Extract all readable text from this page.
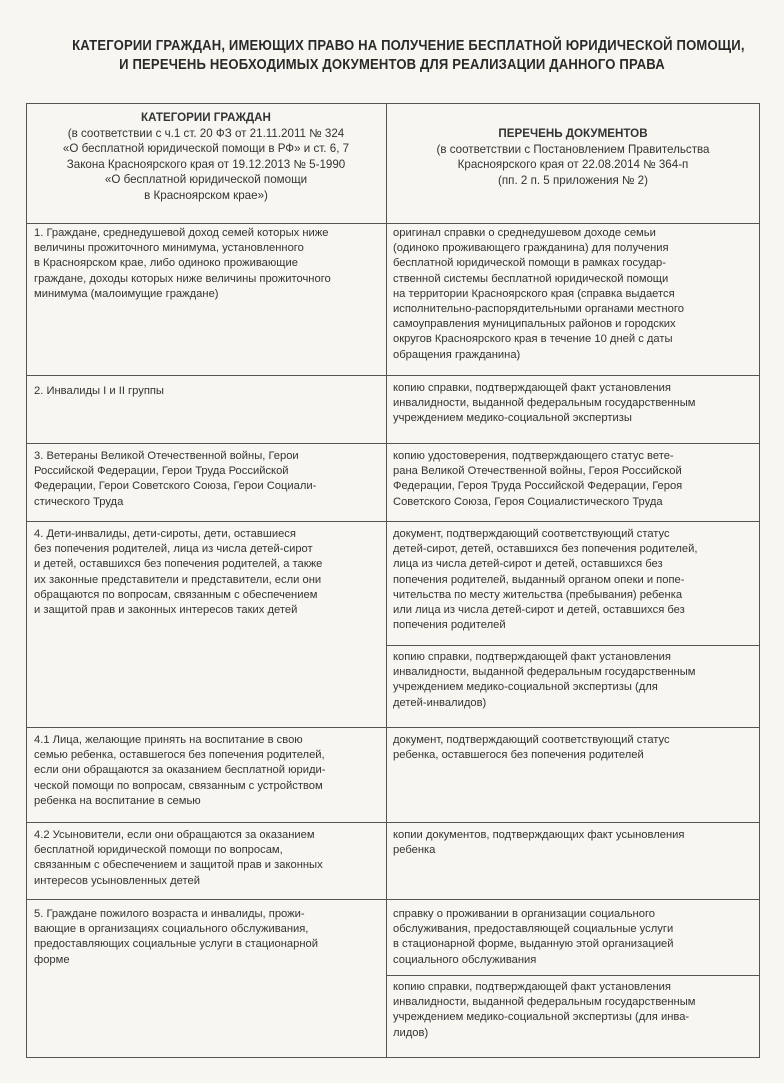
КАТЕГОРИИ ГРАЖДАН, ИМЕЮЩИХ ПРАВО НА ПОЛУЧЕНИЕ БЕСПЛАТНОЙ ЮРИДИЧЕСКОЙ ПОМОЩИ,
И ПЕРЕЧЕНЬ НЕОБХОДИМЫХ ДОКУМЕНТОВ ДЛЯ РЕАЛИЗАЦИИ ДАННОГО ПРАВА
КАТЕГОРИИ ГРАЖДАН
(в соответствии с ч.1 ст. 20 ФЗ от 21.11.2011 № 324
«О бесплатной юридической помощи в РФ» и ст. 6, 7
Закона Красноярского края от 19.12.2013 № 5-1990
«О бесплатной юридической помощи
в Красноярском крае»)
ПЕРЕЧЕНЬ ДОКУМЕНТОВ
(в соответствии с Постановлением Правительства
Красноярского края от 22.08.2014 № 364-п
(пп. 2 п. 5 приложения № 2)
1. Граждане, среднедушевой доход семей которых ниже
величины прожиточного минимума, установленного
в Красноярском крае, либо одиноко проживающие
граждане, доходы которых ниже величины прожиточного
минимума (малоимущие граждане)
оригинал справки о среднедушевом доходе семьи
(одиноко проживающего гражданина) для получения
бесплатной юридической помощи в рамках государ-
ственной системы бесплатной юридической помощи
на территории Красноярского края (справка выдается
исполнительно-распорядительными органами местного
самоуправления муниципальных районов и городских
округов Красноярского края в течение 10 дней с даты
обращения гражданина)
2. Инвалиды I и II группы	копию справки, подтверждающей факт установления
инвалидности, выданной федеральным государственным
учреждением медико-социальной экспертизы
3. Ветераны Великой Отечественной войны, Герои
Российской Федерации, Герои Труда Российской
Федерации, Герои Советского Союза, Герои Социали-
стического Труда
копию удостоверения, подтверждающего статус вете-
рана Великой Отечественной войны, Героя Российской
Федерации, Героя Труда Российской Федерации, Героя
Советского Союза, Героя Социалистического Труда
4. Дети-инвалиды, дети-сироты, дети, оставшиеся
без попечения родителей, лица из числа детей-сирот
и детей, оставшихся без попечения родителей, а также
их законные представители и представители, если они
обращаются по вопросам, связанным с обеспечением
и защитой прав и законных интересов таких детей
документ, подтверждающий соответствующий статус
детей-сирот, детей, оставшихся без попечения родителей,
лица из числа детей-сирот и детей, оставшихся без
попечения родителей, выданный органом опеки и попе-
чительства по месту жительства (пребывания) ребенка
или лица из числа детей-сирот и детей, оставшихся без
попечения родителей
копию справки, подтверждающей факт установления
инвалидности, выданной федеральным государственным
учреждением медико-социальной экспертизы (для
детей-инвалидов)
4.1 Лица, желающие принять на воспитание в свою
семью ребенка, оставшегося без попечения родителей,
если они обращаются за оказанием бесплатной юриди-
ческой помощи по вопросам, связанным с устройством
ребенка на воспитание в семью
документ, подтверждающий соответствующий статус
ребенка, оставшегося без попечения родителей
4.2 Усыновители, если они обращаются за оказанием
бесплатной юридической помощи по вопросам,
связанным с обеспечением и защитой прав и законных
интересов усыновленных детей
копии документов, подтверждающих факт усыновления
ребенка
5. Граждане пожилого возраста и инвалиды, прожи-
вающие в организациях социального обслуживания,
предоставляющих социальные услуги в стационарной
форме
справку о проживании в организации социального
обслуживания, предоставляющей социальные услуги
в стационарной форме, выданную этой организацией
социального обслуживания
копию справки, подтверждающей факт установления
инвалидности, выданной федеральным государственным
учреждением медико-социальной экспертизы (для инва-
лидов)
